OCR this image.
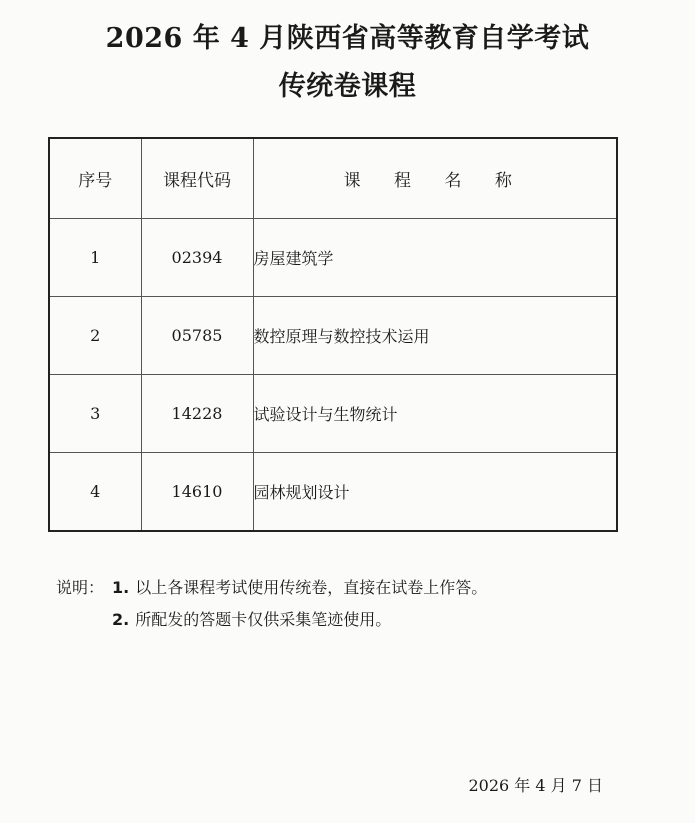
2026 年 4 月陕西省高等教育自学考试
传统卷课程
序号	课程代码	课 程 名 称
1	02394	房屋建筑学
2	05785	数控原理与数控技术运用
3	14228	试验设计与生物统计
4	14610	园林规划设计
说明： 1. 以上各课程考试使用传统卷，直接在试卷上作答。
2. 所配发的答题卡仅供采集笔迹使用。
2026 年 4 月 7 日
